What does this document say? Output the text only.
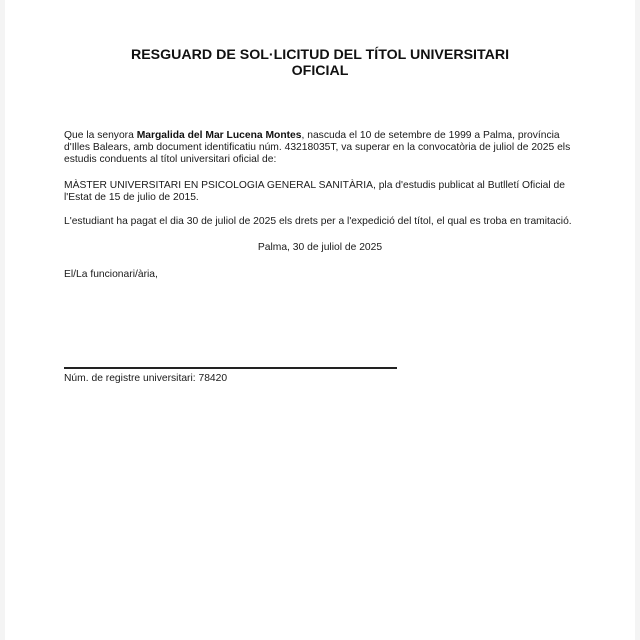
RESGUARD DE SOL·LICITUD DEL TÍTOL UNIVERSITARI
OFICIAL
Que la senyora Margalida del Mar Lucena Montes, nascuda el 10 de setembre de 1999 a Palma, província d'Illes Balears, amb document identificatiu núm. 43218035T, va superar en la convocatòria de juliol de 2025 els estudis conduents al títol universitari oficial de:
MÀSTER UNIVERSITARI EN PSICOLOGIA GENERAL SANITÀRIA, pla d'estudis publicat al Butlletí Oficial de l'Estat de 15 de julio de 2015.
L'estudiant ha pagat el dia 30 de juliol de 2025 els drets per a l'expedició del títol, el qual es troba en tramitació.
Palma, 30 de juliol de 2025
El/La funcionari/ària,
Núm. de registre universitari: 78420
